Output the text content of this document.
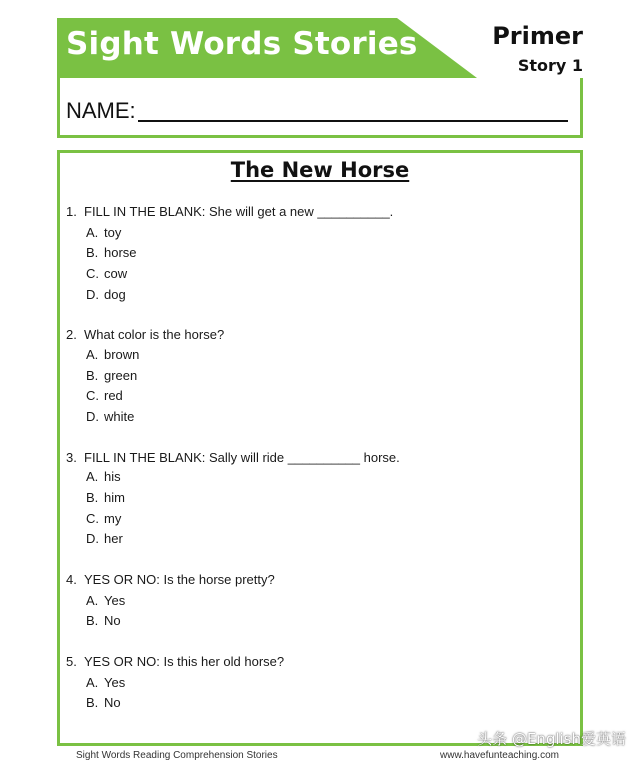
Sight Words Stories	Primer
Story 1
NAME:
The New Horse
1. FILL IN THE BLANK: She will get a new __________.
A. toy
B. horse
C. cow
D. dog
2. What color is the horse?
A. brown
B. green
C. red
D. white
3. FILL IN THE BLANK: Sally will ride __________ horse.
A. his
B. him
C. my
D. her
4. YES OR NO: Is the horse pretty?
A. Yes
B. No
5. YES OR NO: Is this her old horse?
A. Yes
B. No
Sight Words Reading Comprehension Stories	www.havefunteaching.com
头条 @English爱英语
